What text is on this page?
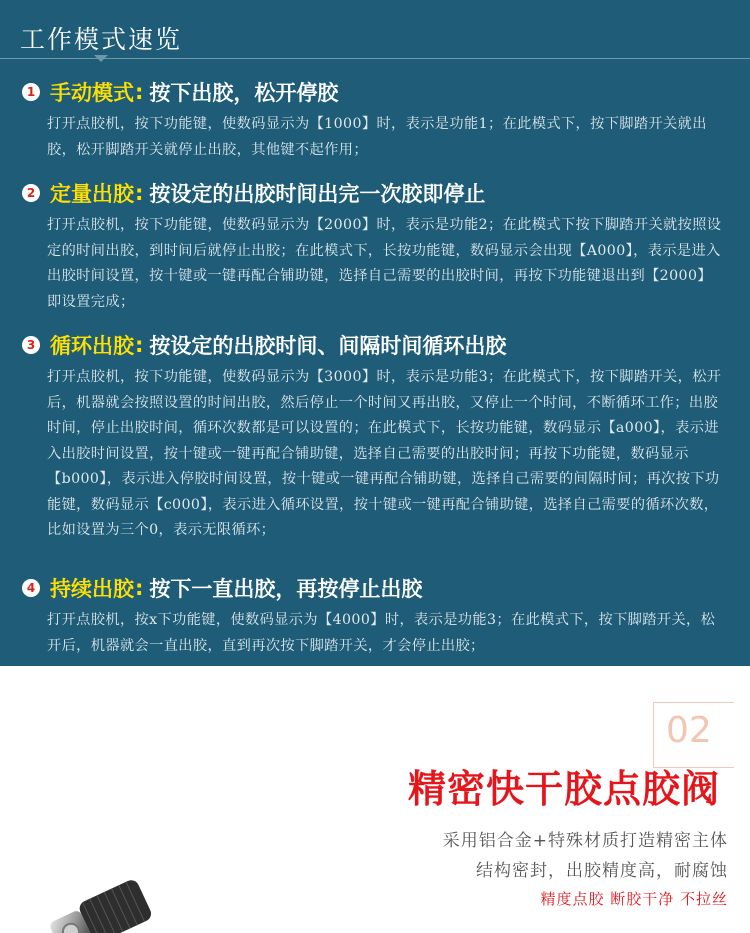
工作模式速览
1 手动模式 : 按下出胶，松开停胶
打开点胶机，按下功能键，使数码显示为【1000】时，表示是功能1；在此模式下，按下脚踏开关就出胶，松开脚踏开关就停止出胶，其他键不起作用；
2 定量出胶 : 按设定的出胶时间出完一次胶即停止
打开点胶机，按下功能键，使数码显示为【2000】时，表示是功能2；在此模式下按下脚踏开关就按照设定的时间出胶，到时间后就停止出胶；在此模式下，长按功能键，数码显示会出现【A000】，表示是进入出胶时间设置，按十键或一键再配合铺助键，选择自己需要的出胶时间，再按下功能键退出到【2000】即设置完成；
3 循环出胶 : 按设定的出胶时间、间隔时间循环出胶
打开点胶机，按下功能键，使数码显示为【3000】时，表示是功能3；在此模式下，按下脚踏开关，松开后，机器就会按照设置的时间出胶，然后停止一个时间又再出胶，又停止一个时间，不断循环工作；出胶时间，停止出胶时间，循环次数都是可以设置的；在此模式下，长按功能键，数码显示【a000】，表示进入出胶时间设置，按十键或一键再配合铺助键，选择自己需要的出胶时间；再按下功能键，数码显示【b000】，表示进入停胶时间设置，按十键或一键再配合铺助键，选择自己需要的间隔时间；再次按下功能键，数码显示【c000】，表示进入循环设置，按十键或一键再配合铺助键，选择自己需要的循环次数，比如设置为三个0，表示无限循环；
4 持续出胶 : 按下一直出胶，再按停止出胶
打开点胶机，按x下功能键，使数码显示为【4000】时，表示是功能3；在此模式下，按下脚踏开关，松开后，机器就会一直出胶，直到再次按下脚踏开关，才会停止出胶；
02
精密快干胶点胶阀
采用铝合金+特殊材质打造精密主体
结构密封，出胶精度高，耐腐蚀
精度点胶 断胶干净 不拉丝
